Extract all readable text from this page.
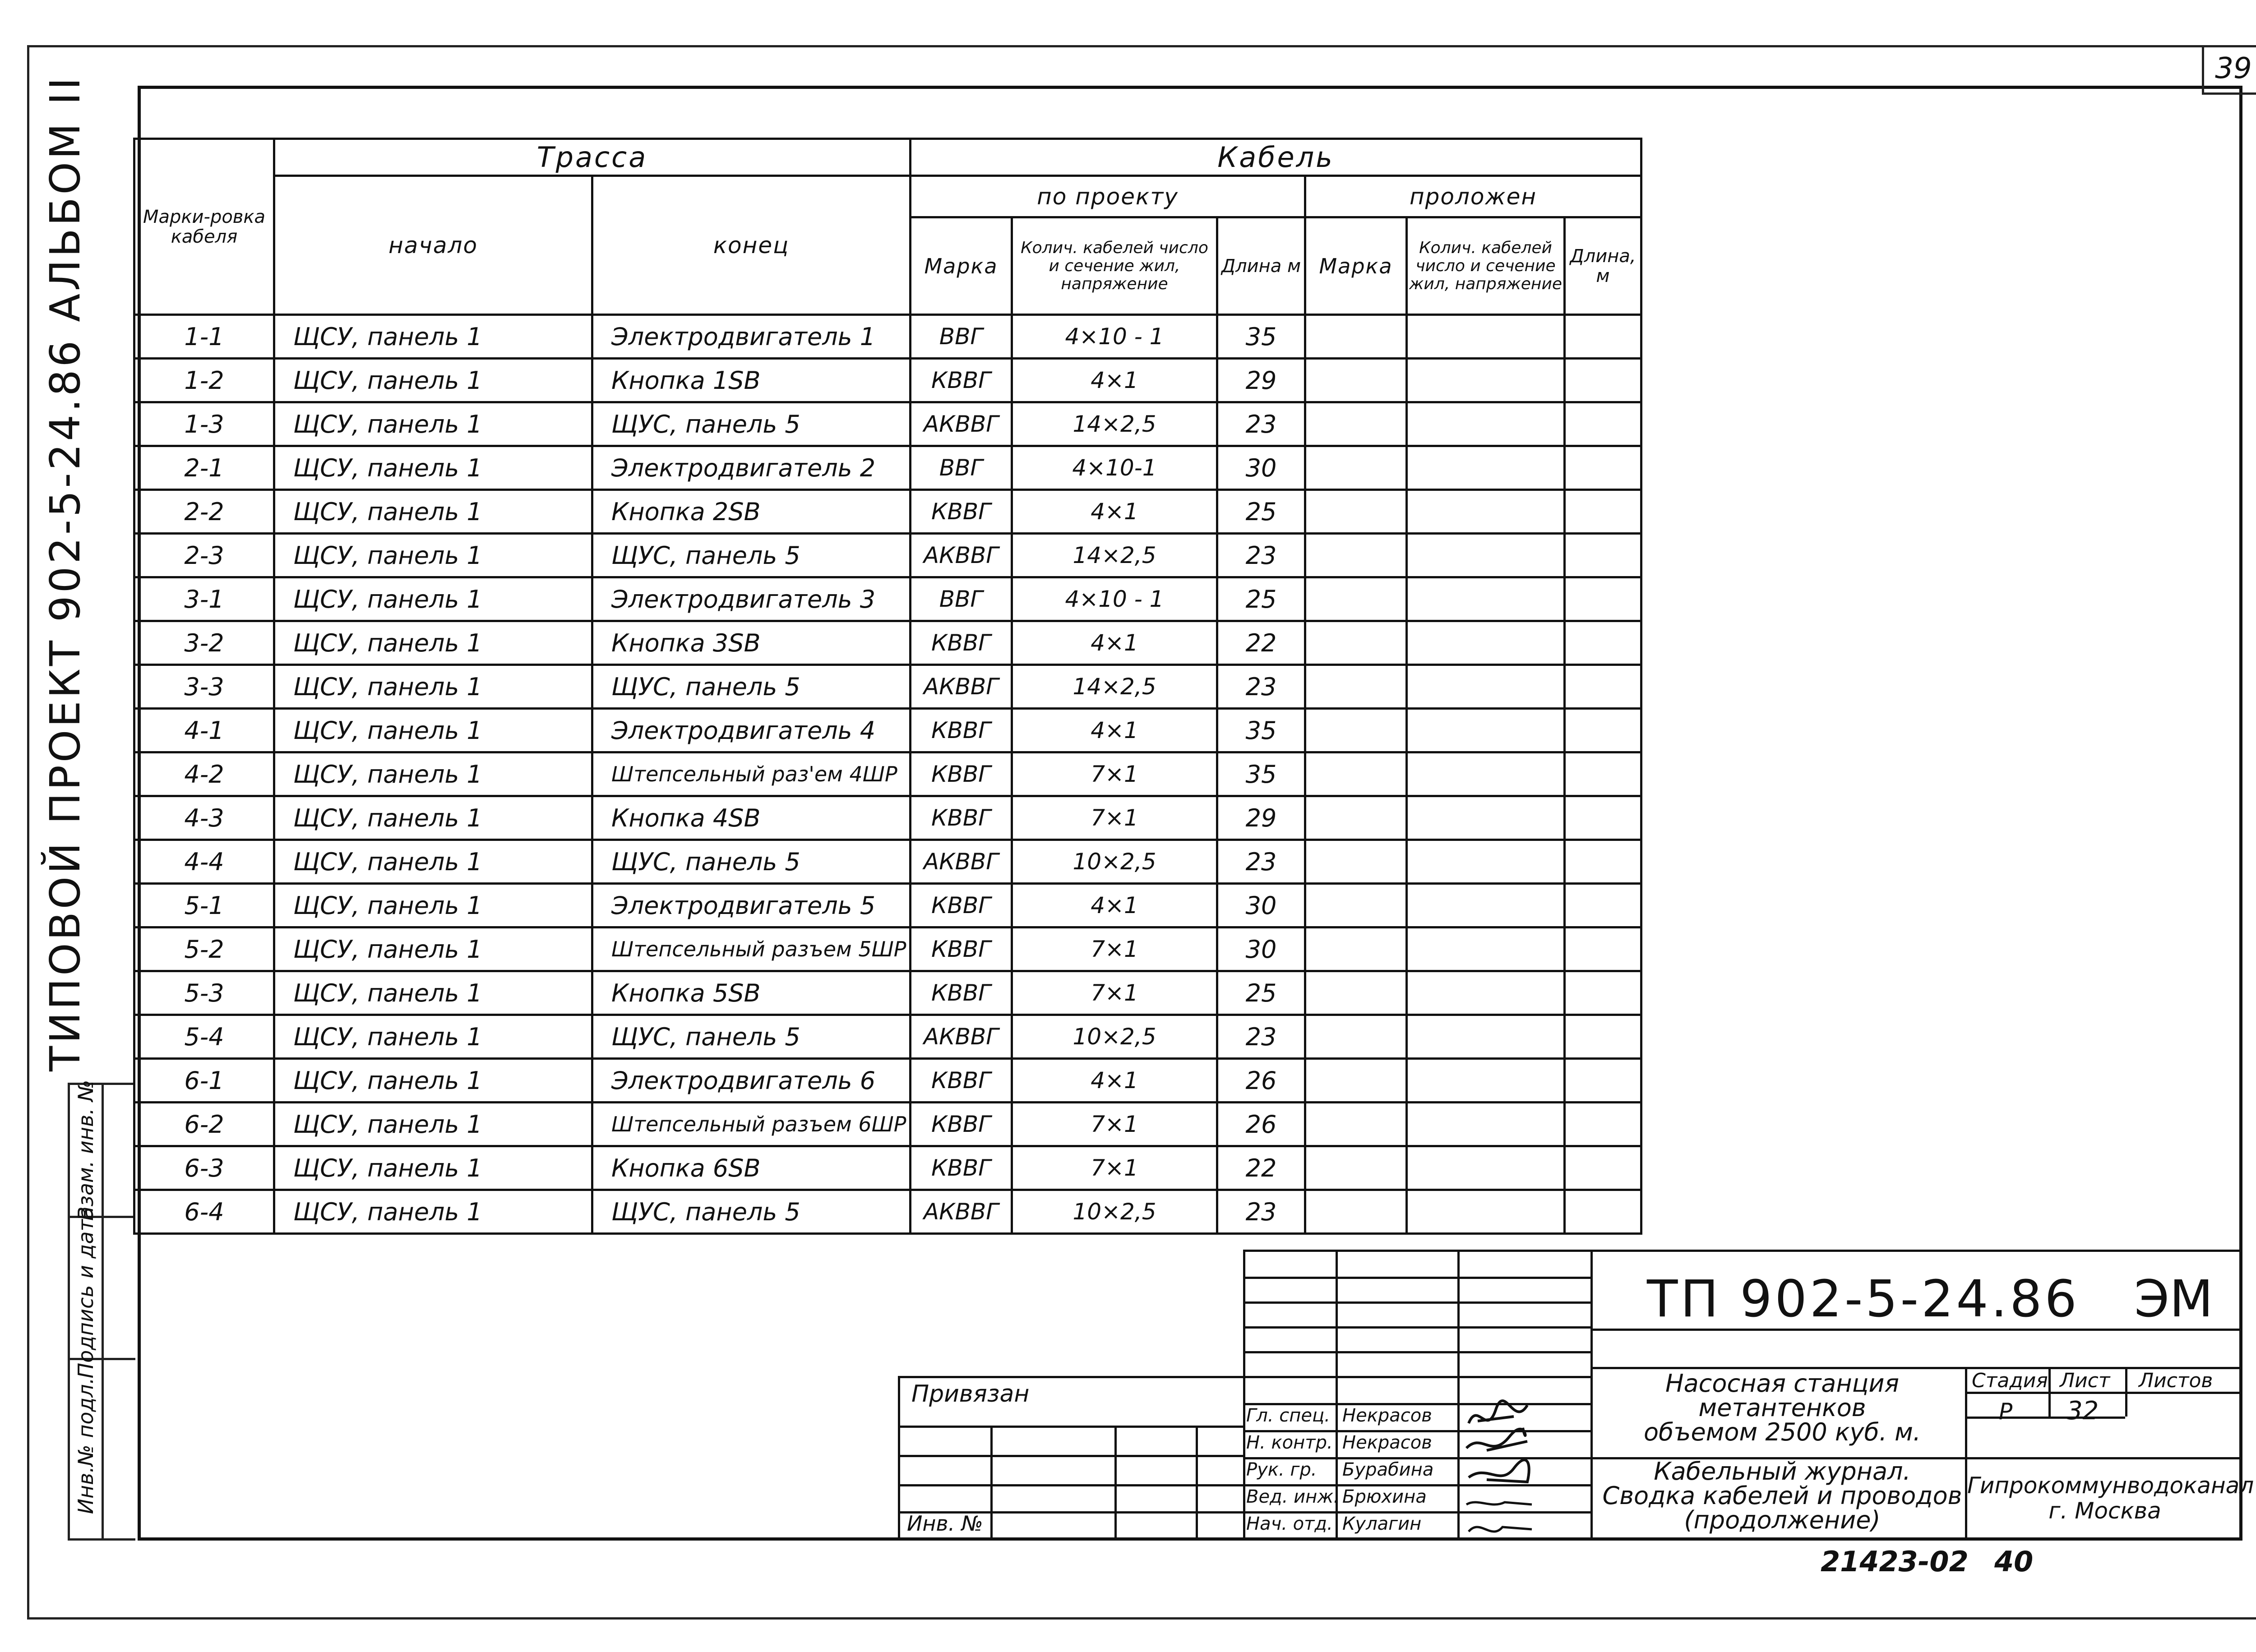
39
ТИПОВОЙ ПРОЕКТ 902-5-24.86 АЛЬБОМ II
Взам. инв. №
Подпись и дата
Инв.№ подл.
Марки-ровка кабеля	Трасса		Кабель					
	начало	конец	по проекту			проложен		
			Марка	Колич. кабелей число и сечение жил, напряжение	Длина м	Марка	Колич. кабелей число и сечение жил, напряжение	Длина, м
1-1	ЩСУ, панель 1	Электродвигатель 1	ВВГ	4×10 - 1	35			
1-2	ЩСУ, панель 1	Кнопка 1SB	КВВГ	4×1	29			
1-3	ЩСУ, панель 1	ЩУС, панель 5	АКВВГ	14×2,5	23			
2-1	ЩСУ, панель 1	Электродвигатель 2	ВВГ	4×10-1	30			
2-2	ЩСУ, панель 1	Кнопка 2SB	КВВГ	4×1	25			
2-3	ЩСУ, панель 1	ЩУС, панель 5	АКВВГ	14×2,5	23			
3-1	ЩСУ, панель 1	Электродвигатель 3	ВВГ	4×10 - 1	25			
3-2	ЩСУ, панель 1	Кнопка 3SB	КВВГ	4×1	22			
3-3	ЩСУ, панель 1	ЩУС, панель 5	АКВВГ	14×2,5	23			
4-1	ЩСУ, панель 1	Электродвигатель 4	КВВГ	4×1	35			
4-2	ЩСУ, панель 1	Штепсельный раз'ем 4ШР	КВВГ	7×1	35			
4-3	ЩСУ, панель 1	Кнопка 4SB	КВВГ	7×1	29			
4-4	ЩСУ, панель 1	ЩУС, панель 5	АКВВГ	10×2,5	23			
5-1	ЩСУ, панель 1	Электродвигатель 5	КВВГ	4×1	30			
5-2	ЩСУ, панель 1	Штепсельный разъем 5ШР	КВВГ	7×1	30			
5-3	ЩСУ, панель 1	Кнопка 5SB	КВВГ	7×1	25			
5-4	ЩСУ, панель 1	ЩУС, панель 5	АКВВГ	10×2,5	23			
6-1	ЩСУ, панель 1	Электродвигатель 6	КВВГ	4×1	26			
6-2	ЩСУ, панель 1	Штепсельный разъем 6ШР	КВВГ	7×1	26			
6-3	ЩСУ, панель 1	Кнопка 6SB	КВВГ	7×1	22			
6-4	ЩСУ, панель 1	ЩУС, панель 5	АКВВГ	10×2,5	23			
Привязан
Инв. №
Гл. спец. Некрасов
Н. контр. Некрасов
Рук. гр. Бурабина
Вед. инж. Брюхина
Нач. отд. Кулагин
ТП 902-5-24.86 ЭМ
Насосная станция
метантенков
объемом 2500 куб. м.
Кабельный журнал.
Сводка кабелей и проводов
(продолжение)
Стадия Лист Листов
Р 32
Гипрокоммунводоканал
г. Москва
21423-02 40
